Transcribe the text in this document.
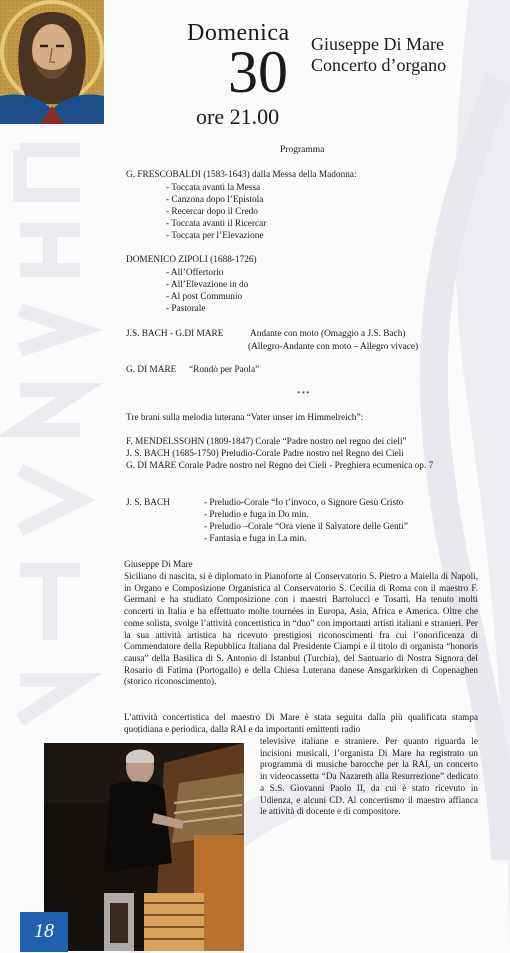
Domenica
30
ore 21.00
Giuseppe Di Mare
Concerto d’organo
Programma
G. FRESCOBALDI (1583-1643) dalla Messa della Madonna:
- Toccata avanti la Messa
- Canzona dopo l’Epistola
- Recercar dopo il Credo
- Toccata avanti il Ricercar
- Toccata per l’Elevazione
DOMENICO ZIPOLI (1688-1726)
- All’Offertorio
- All’Elevazione in do
- Al post Communio
- Pastorale
J.S. BACH - G.DI MARE	Andante con moto (Omaggio a J.S. Bach)
(Allegro-Andante con moto – Allegro vivace)
G. DI MARE “Rondò per Paola”
***
Tre brani sulla melodia luterana “Vater unser im Himmelreich”:
F. MENDELSSOHN (1809-1847) Corale “Padre nostro nel regno dei cieli”
J. S. BACH (1685-1750) Preludio-Corale Padre nostro nel Regno dei Cieli
G. DI MARE Corale Padre nostro nel Regno dei Cieli - Preghiera ecumenica op. 7
J. S. BACH	- Preludio-Corale “Io t’invoco, o Signore Gesù Cristo
- Preludio e fuga in Do min.
- Preludio –Corale “Ora viene il Salvatore delle Genti”
- Fantasia e fuga in La min.
Giuseppe Di Mare

Siciliano di nascita, si è diplomato in Pianoforte al Conservatorio S. Pietro a Maiella di Napoli, in Organo e Composizione Organistica al Conservatorio S. Cecilia di Roma con il maestro F. Germani e ha studiato Composizione con i maestri Bartolucci e Tosatti. Ha tenuto molti concerti in Italia e ha effettuato molte tournées in Europa, Asia, Africa e America. Oltre che come solista, svolge l’attività concertistica in “duo” con importanti artisti italiani e stranieri. Per la sua attività artistica ha ricevuto prestigiosi riconoscimenti fra cui l’onorificenza di Commendatore della Repubblica Italiana dal Presidente Ciampi e il titolo di organista “honoris causa” della Basilica di S. Antonio di Istanbul (Turchia), del Santuario di Nostra Signora del Rosario di Fatima (Portogallo) e della Chiesa Luterana danese Ansgarkirken di Copenaghen (storico riconoscimento).

L’attività concertistica del maestro Di Mare è stata seguita dalla più qualificata stampa quotidiana e periodica, dalla RAI e da importanti emittenti radio

televisive italiane e straniere. Per quanto riguarda le incisioni musicali, l’organista Di Mare ha registrato un programma di musiche barocche per la RAI, un concerto in videocassetta “Da Nazareth alla Resurrezione” dedicato a S.S. Giovanni Paolo II, da cui è stato ricevuto in Udienza, e alcuni CD. Al concertismo il maestro affianca le attività di docente e di compositore.

18
